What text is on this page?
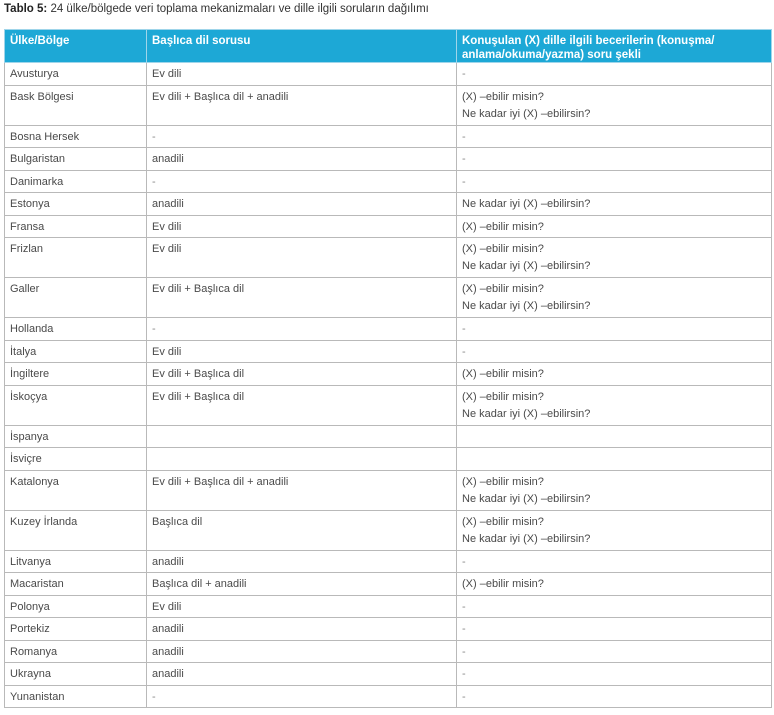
Tablo 5: 24 ülke/bölgede veri toplama mekanizmaları ve dille ilgili soruların dağılımı
Ülke/Bölge	Başlıca dil sorusu	Konuşulan (X) dille ilgili becerilerin (konuşma/ anlama/okuma/yazma) soru şekli
Avusturya	Ev dili	-

Bask Bölgesi	Ev dili + Başlıca dil + anadili	(X) –ebilir misin?
Ne kadar iyi (X) –ebilirsin?

Bosna Hersek	-	-

Bulgaristan	anadili	-

Danimarka	-	-

Estonya	anadili	Ne kadar iyi (X) –ebilirsin?

Fransa	Ev dili	(X) –ebilir misin?

Frizlan	Ev dili	(X) –ebilir misin?
Ne kadar iyi (X) –ebilirsin?

Galler	Ev dili + Başlıca dil	(X) –ebilir misin?
Ne kadar iyi (X) –ebilirsin?

Hollanda	-	-

İtalya	Ev dili	-

İngiltere	Ev dili + Başlıca dil	(X) –ebilir misin?

İskoçya	Ev dili + Başlıca dil	(X) –ebilir misin?
Ne kadar iyi (X) –ebilirsin?

İspanya		

İsviçre		

Katalonya	Ev dili + Başlıca dil + anadili	(X) –ebilir misin?
Ne kadar iyi (X) –ebilirsin?

Kuzey İrlanda	Başlıca dil	(X) –ebilir misin?
Ne kadar iyi (X) –ebilirsin?

Litvanya	anadili	-

Macaristan	Başlıca dil + anadili	(X) –ebilir misin?

Polonya	Ev dili	-

Portekiz	anadili	-

Romanya	anadili	-

Ukrayna	anadili	-

Yunanistan	-	-
